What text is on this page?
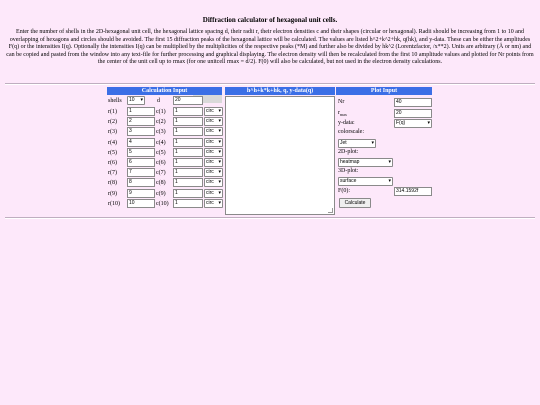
Diffraction calculator of hexagonal unit cells.
Enter the number of shells in the 2D-hexagonal unit cell, the hexagonal lattice spacing d, their radii r, their electron densities c and their shapes (circular or hexagonal). Radii should be increasing from 1 to 10 and overlapping of hexagons and circles should be avoided. The first 15 diffraction peaks of the hexagonal lattice will be calculated. The values are listed h^2+k^2+hk, q(hk), and y-data. These can be either the amplitudes F(q) or the intensities I(q). Optionally the intensities I(q) can be multiplied by the multiplicities of the respective peaks (*M) and further also be divided by hk^2 (Lorentzfactor, /x**2). Units are arbitrary (Å or nm) and can be copied and pasted from the window into any text-file for further processing and graphical displaying. The electron density will then be recalculated from the first 10 amplitude values and plotted for Nr points from the center of the unit cell up to rmax (for one unitcell rmax = d/2). F(0) will also be calculated, but not used in the electron density calculations.
Calculation Input
shells	10 ▾ d	20
r(1)	1	c(1)	1	circ ▾
r(2)	2	c(2)	1	circ ▾
r(3)	3	c(3)	1	circ ▾
r(4)	4	c(4)	1	circ ▾
r(5)	5	c(5)	1	circ ▾
r(6)	6	c(6)	1	circ ▾
r(7)	7	c(7)	1	circ ▾
r(8)	8	c(8)	1	circ ▾
r(9)	9	c(9)	1	circ ▾
r(10)	10	c(10)	1	circ ▾
h^h+k*k+hk, q, y-data(q)	Plot Input
Nr	40
$r_{max}$	20
y-data:	F(q)	▾
colorscale:
Jet	▾
2D-plot:
heatmap	▾
3D-plot:
surface	▾
F(0):	314.1592f
Calculate
